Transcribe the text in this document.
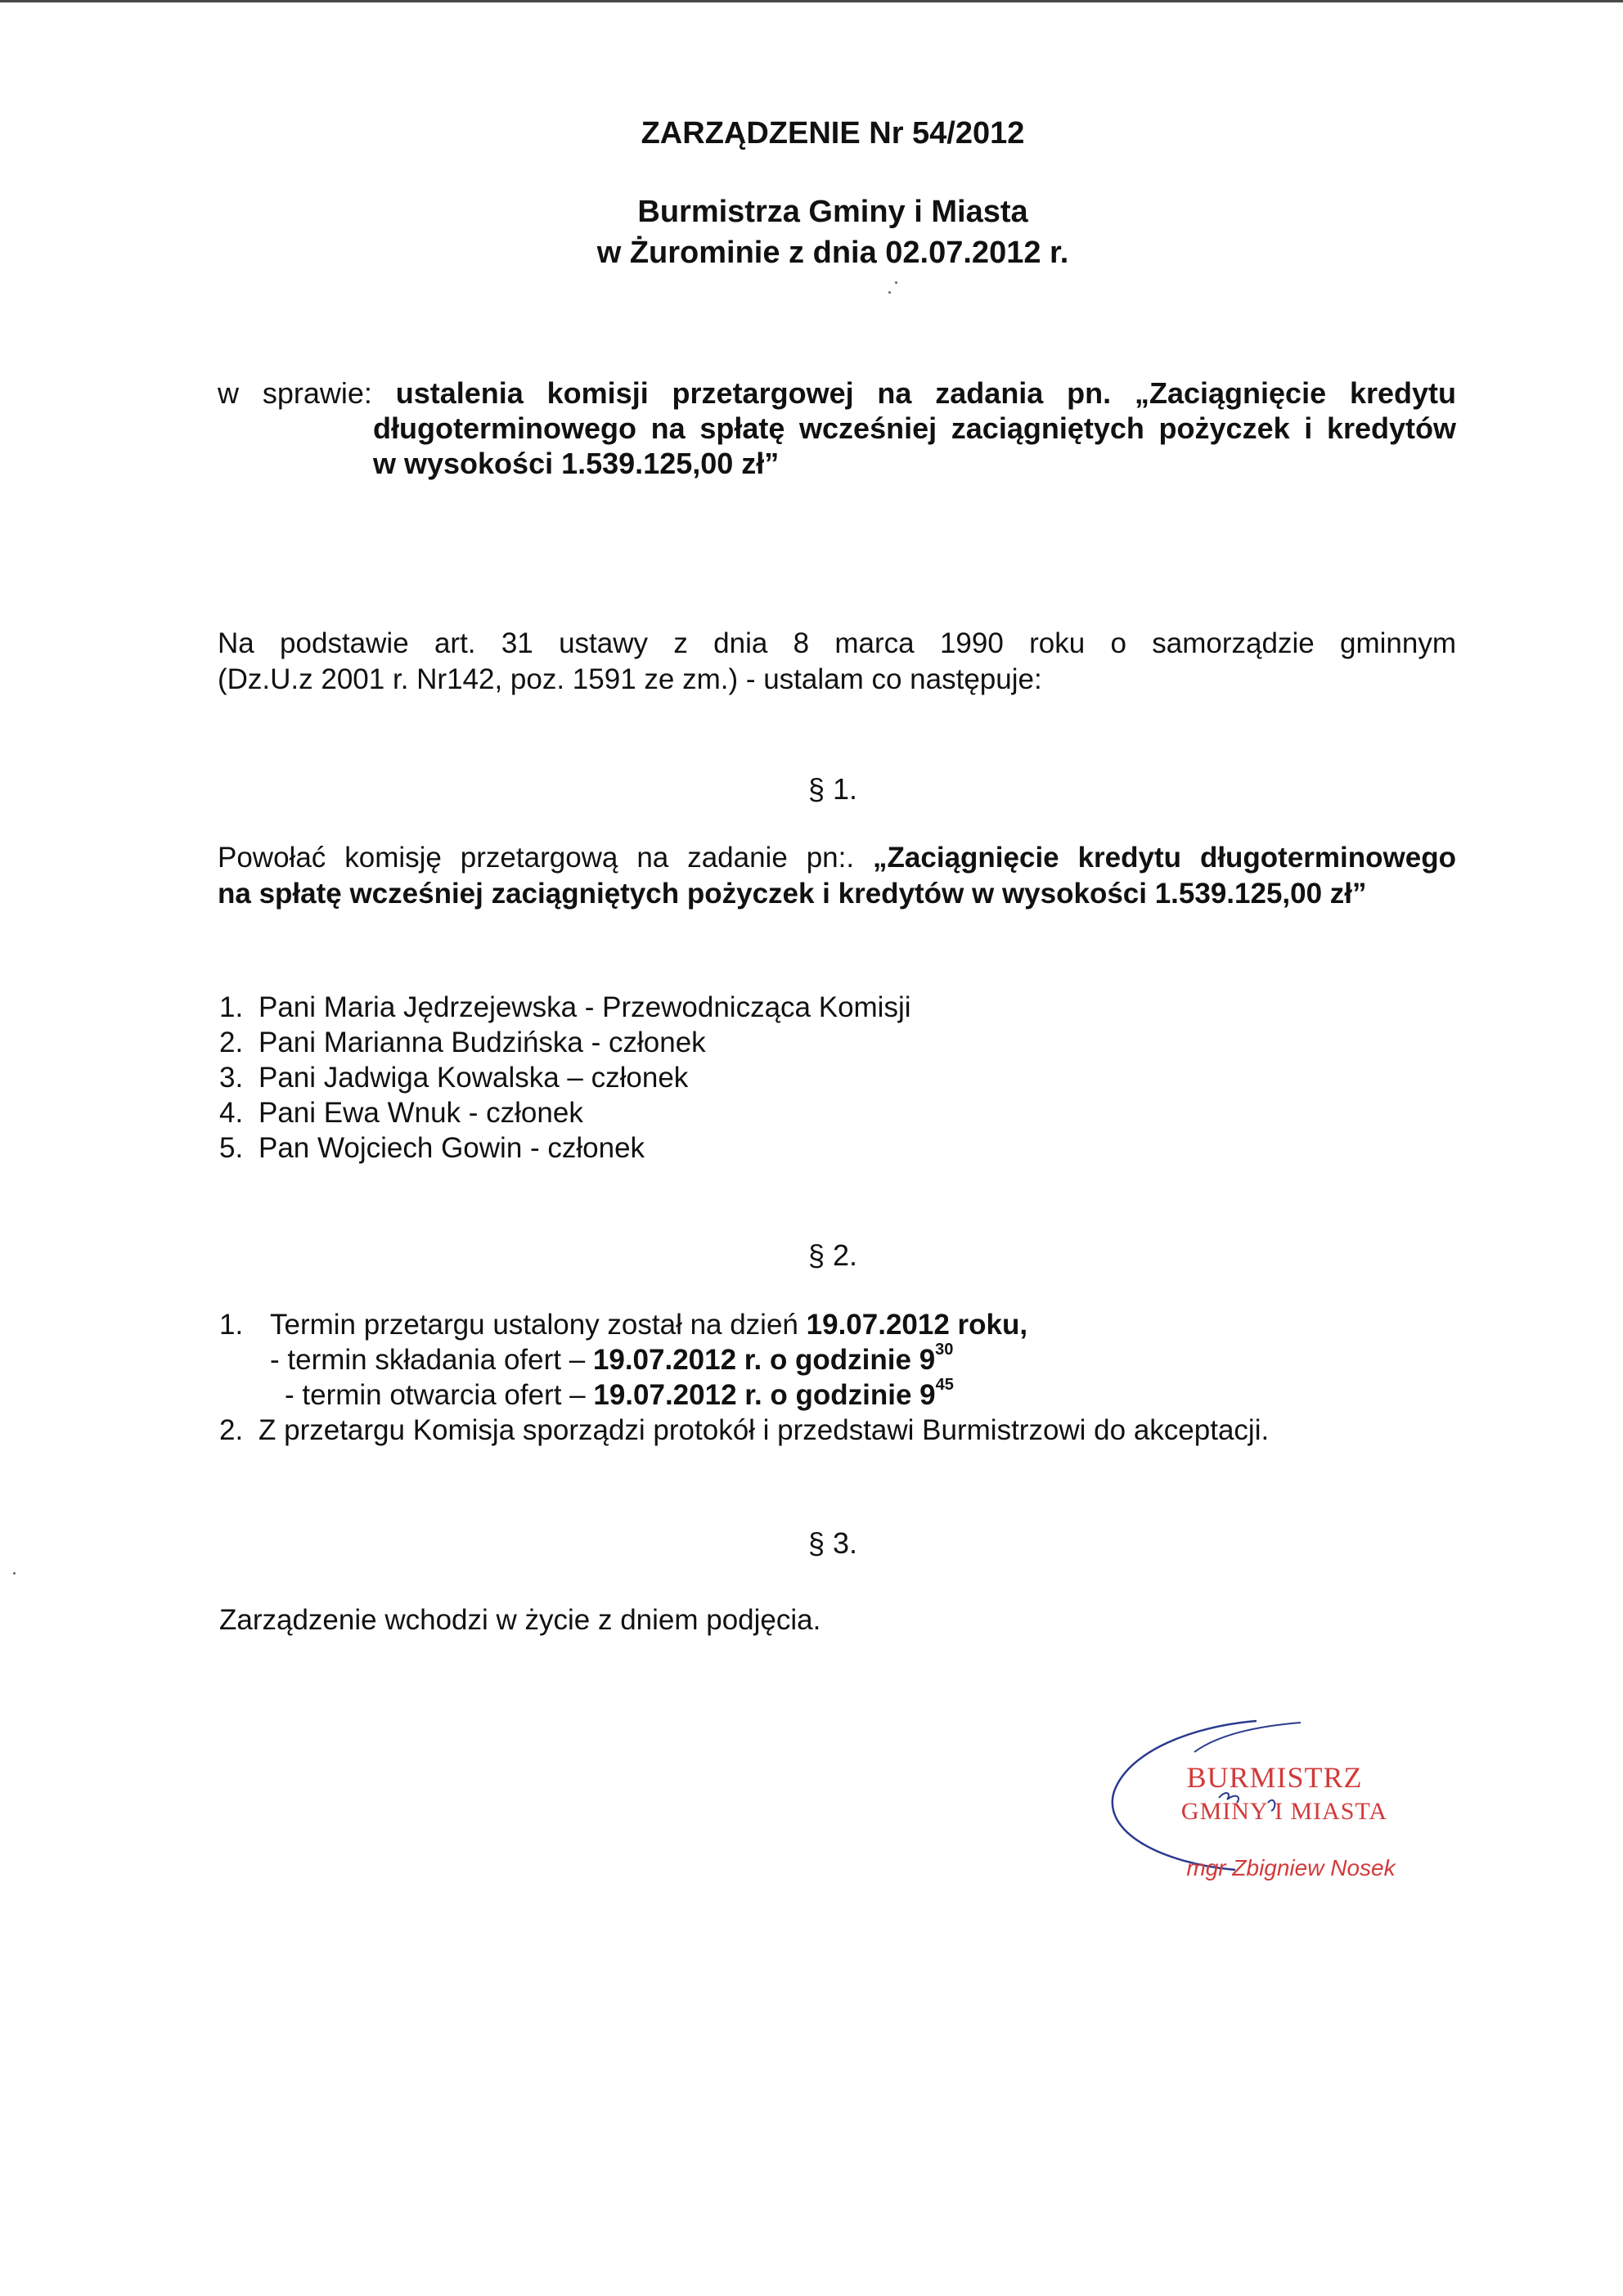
ZARZĄDZENIE Nr 54/2012
Burmistrza Gminy i Miasta
w Żurominie z dnia 02.07.2012 r.
w sprawie: ustalenia komisji przetargowej na zadania pn. „Zaciągnięcie kredytu
długoterminowego na spłatę wcześniej zaciągniętych pożyczek i kredytów
w wysokości 1.539.125,00 zł”
Na podstawie art. 31 ustawy z dnia 8 marca 1990 roku o samorządzie gminnym
(Dz.U.z 2001 r. Nr142, poz. 1591 ze zm.) - ustalam co następuje:
§ 1.
Powołać komisję przetargową na zadanie pn:. „Zaciągnięcie kredytu długoterminowego
na spłatę wcześniej zaciągniętych pożyczek i kredytów w wysokości 1.539.125,00 zł”
1. Pani Maria Jędrzejewska - Przewodnicząca Komisji
2. Pani Marianna Budzińska - członek
3. Pani Jadwiga Kowalska – członek
4. Pani Ewa Wnuk - członek
5. Pan Wojciech Gowin - członek
§ 2.
1. Termin przetargu ustalony został na dzień 19.07.2012 roku,
- termin składania ofert – 19.07.2012 r. o godzinie $9^{30}$
- termin otwarcia ofert – 19.07.2012 r. o godzinie $9^{45}$
2. Z przetargu Komisja sporządzi protokół i przedstawi Burmistrzowi do akceptacji.
§ 3.
Zarządzenie wchodzi w życie z dniem podjęcia.
BURMISTRZ
GMINY I MIASTA
mgr Zbigniew Nosek
